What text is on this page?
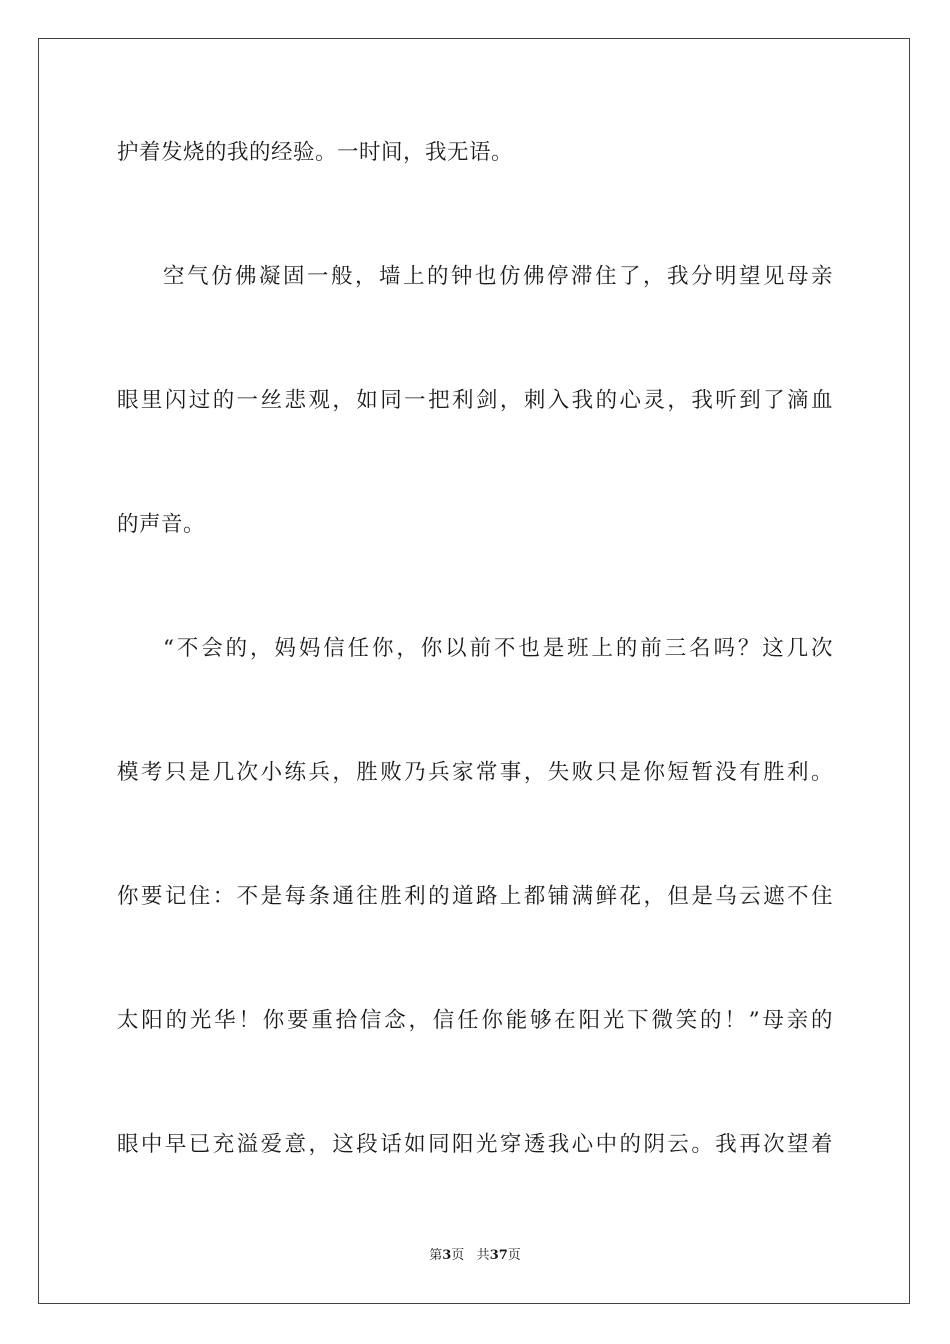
护着发烧的我的经验。一时间，我无语。
空气仿佛凝固一般，墙上的钟也仿佛停滞住了，我分明望见母亲
眼里闪过的一丝悲观，如同一把利剑，刺入我的心灵，我听到了滴血
的声音。
“不会的，妈妈信任你，你以前不也是班上的前三名吗？这几次
模考只是几次小练兵，胜败乃兵家常事，失败只是你短暂没有胜利。
你要记住：不是每条通往胜利的道路上都铺满鲜花，但是乌云遮不住
太阳的光华！你要重拾信念，信任你能够在阳光下微笑的！”母亲的
眼中早已充溢爱意，这段话如同阳光穿透我心中的阴云。我再次望着
第3页 共37页
